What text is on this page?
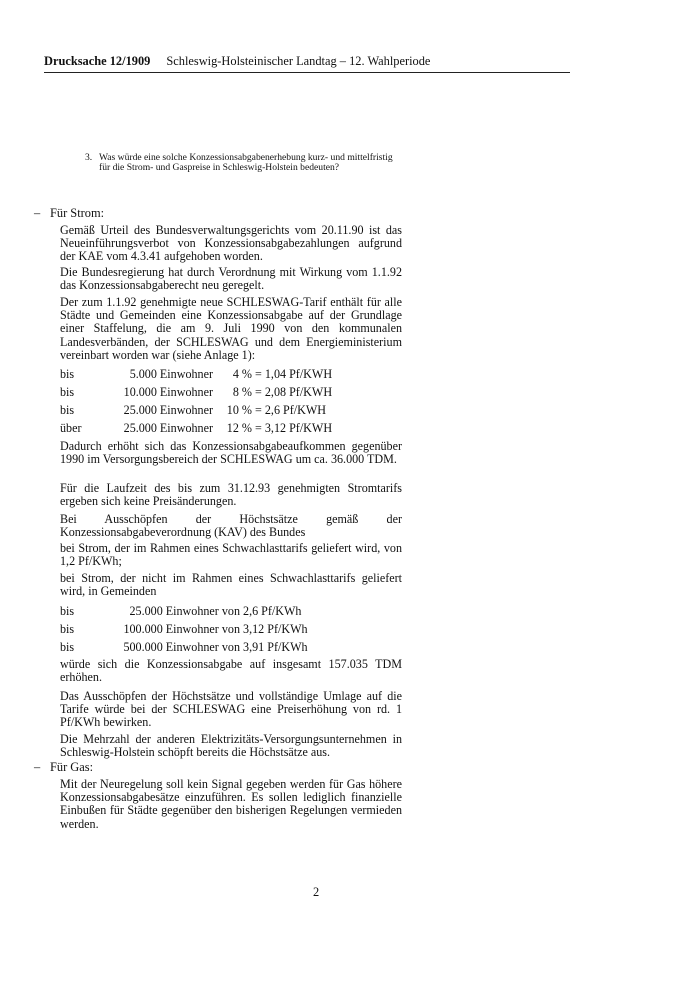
Drucksache 12/1909 Schleswig-Holsteinischer Landtag – 12. Wahlperiode
3. Was würde eine solche Konzessionsabgabenerhebung kurz- und mittelfristig für die Strom- und Gaspreise in Schleswig-Holstein bedeuten?
– Für Strom:
Gemäß Urteil des Bundesverwaltungsgerichts vom 20.11.90 ist das Neueinführungsverbot von Konzessionsabgabezahlungen aufgrund der KAE vom 4.3.41 aufgehoben worden.
Die Bundesregierung hat durch Verordnung mit Wirkung vom 1.1.92 das Konzessionsabgaberecht neu geregelt.
Der zum 1.1.92 genehmigte neue SCHLESWAG-Tarif enthält für alle Städte und Gemeinden eine Konzessionsabgabe auf der Grundlage einer Staffelung, die am 9. Juli 1990 von den kommunalen Landesverbänden, der SCHLESWAG und dem Energieministerium vereinbart worden war (siehe Anlage 1):
bis	5.000 Einwohner 4 % = 1,04 Pf/KWH
bis	10.000 Einwohner 8 % = 2,08 Pf/KWH
bis	25.000 Einwohner 10 % = 2,6 Pf/KWH
über	25.000 Einwohner 12 % = 3,12 Pf/KWH
Dadurch erhöht sich das Konzessionsabgabeaufkommen gegenüber 1990 im Versorgungsbereich der SCHLESWAG um ca. 36.000 TDM.
Für die Laufzeit des bis zum 31.12.93 genehmigten Stromtarifs ergeben sich keine Preisänderungen.
Bei Ausschöpfen der Höchstsätze gemäß der Konzessionsabgabeverordnung (KAV) des Bundes
bei Strom, der im Rahmen eines Schwachlasttarifs geliefert wird, von 1,2 Pf/KWh;
bei Strom, der nicht im Rahmen eines Schwachlasttarifs geliefert wird, in Gemeinden
bis	25.000 Einwohner von 2,6 Pf/KWh
bis	100.000 Einwohner von 3,12 Pf/KWh
bis	500.000 Einwohner von 3,91 Pf/KWh
würde sich die Konzessionsabgabe auf insgesamt 157.035 TDM erhöhen.
Das Ausschöpfen der Höchstsätze und vollständige Umlage auf die Tarife würde bei der SCHLESWAG eine Preiserhöhung von rd. 1 Pf/KWh bewirken.
Die Mehrzahl der anderen Elektrizitäts-Versorgungsunternehmen in Schleswig-Holstein schöpft bereits die Höchstsätze aus.
– Für Gas:
Mit der Neuregelung soll kein Signal gegeben werden für Gas höhere Konzessionsabgabesätze einzuführen. Es sollen lediglich finanzielle Einbußen für Städte gegenüber den bisherigen Regelungen vermieden werden.
2
